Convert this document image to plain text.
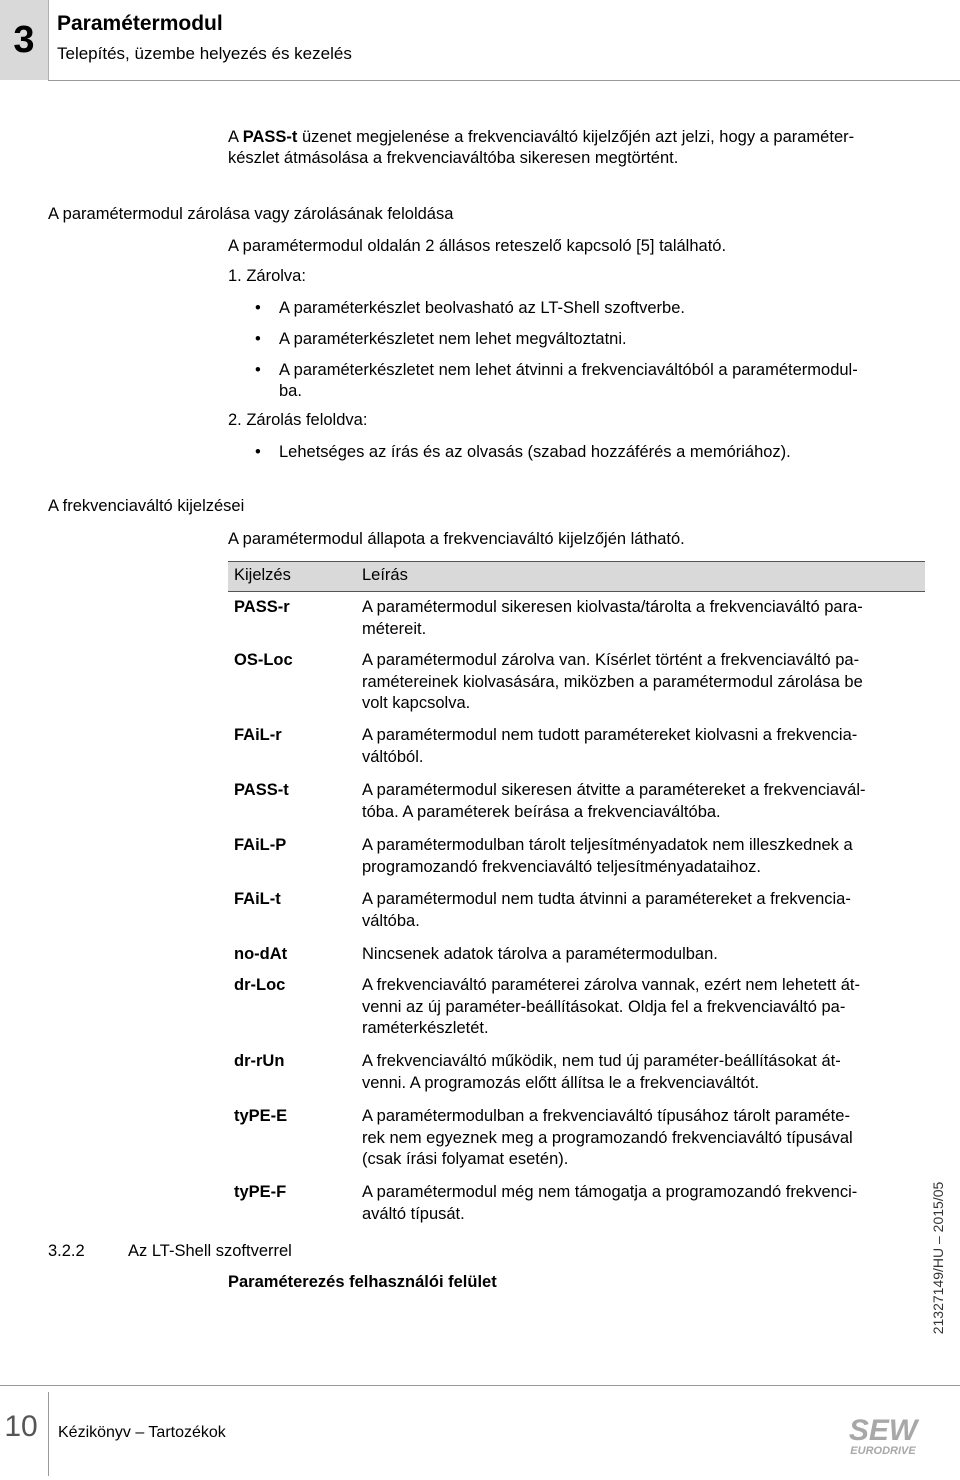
3	Paramétermodul
Telepítés, üzembe helyezés és kezelés
A PASS-t üzenet megjelenése a frekvenciaváltó kijelzőjén azt jelzi, hogy a paraméter-
készlet átmásolása a frekvenciaváltóba sikeresen megtörtént.
A paramétermodul zárolása vagy zárolásának feloldása
A paramétermodul oldalán 2 állásos reteszelő kapcsoló [5] található.
1. Zárolva:
• A paraméterkészlet beolvasható az LT-Shell szoftverbe.
• A paraméterkészletet nem lehet megváltoztatni.
• A paraméterkészletet nem lehet átvinni a frekvenciaváltóból a paramétermodul-
ba.
2. Zárolás feloldva:
• Lehetséges az írás és az olvasás (szabad hozzáférés a memóriához).
A frekvenciaváltó kijelzései
A paramétermodul állapota a frekvenciaváltó kijelzőjén látható.
Kijelzés	Leírás
PASS-r	A paramétermodul sikeresen kiolvasta/tárolta a frekvenciaváltó para-
métereit.
OS-Loc	A paramétermodul zárolva van. Kísérlet történt a frekvenciaváltó pa-
ramétereinek kiolvasására, miközben a paramétermodul zárolása be
volt kapcsolva.
FAiL-r	A paramétermodul nem tudott paramétereket kiolvasni a frekvencia-
váltóból.
PASS-t	A paramétermodul sikeresen átvitte a paramétereket a frekvenciavál-
tóba. A paraméterek beírása a frekvenciaváltóba.
FAiL-P	A paramétermodulban tárolt teljesítményadatok nem illeszkednek a
programozandó frekvenciaváltó teljesítményadataihoz.
FAiL-t	A paramétermodul nem tudta átvinni a paramétereket a frekvencia-
váltóba.
no-dAt	Nincsenek adatok tárolva a paramétermodulban.
dr-Loc	A frekvenciaváltó paraméterei zárolva vannak, ezért nem lehetett át-
venni az új paraméter-beállításokat. Oldja fel a frekvenciaváltó pa-
raméterkészletét.
dr-rUn	A frekvenciaváltó működik, nem tud új paraméter-beállításokat át-
venni. A programozás előtt állítsa le a frekvenciaváltót.
tyPE-E	A paramétermodulban a frekvenciaváltó típusához tárolt paraméte-
rek nem egyeznek meg a programozandó frekvenciaváltó típusával
(csak írási folyamat esetén).
tyPE-F	A paramétermodul még nem támogatja a programozandó frekvenci-
aváltó típusát.
3.2.2	Az LT-Shell szoftverrel
Paraméterezés felhasználói felület	21327149/HU – 2015/05
10 Kézikönyv – Tartozékok	SEW
EURODRIVE
